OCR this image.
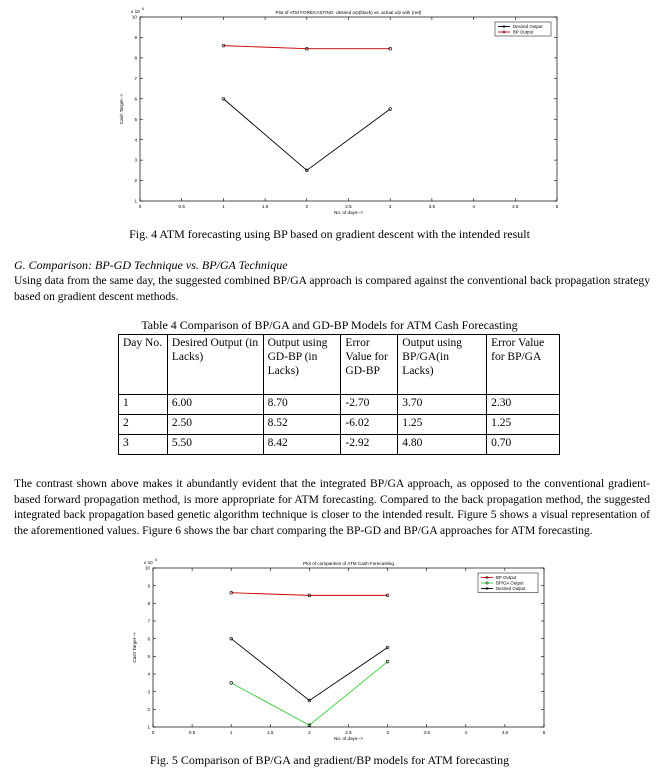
Plot of ATM FORECASTING- desired o/p(black) vs. actual o/p with (red)
0	0.5	1	1.5	2	2.5	3	3.5	4	4.5	5
1
2
3
4
5
6
7
8
9
10
x 10 6
No. of days-->
Cash Target-->
Desired Output
BP Output
Fig. 4 ATM forecasting using BP based on gradient descent with the intended result
G. Comparison: BP-GD Technique vs. BP/GA Technique
Using data from the same day, the suggested combined BP/GA approach is compared against the conventional back propagation strategy based on gradient descent methods.
Table 4 Comparison of BP/GA and GD-BP Models for ATM Cash Forecasting
Day No.	Desired Output (in Lacks)	Output using GD-BP (in Lacks)	Error Value for GD-BP	Output using BP/GA(in Lacks)	Error Value for BP/GA
1	6.00	8.70	-2.70	3.70	2.30
2	2.50	8.52	-6.02	1.25	1.25
3	5.50	8.42	-2.92	4.80	0.70
The contrast shown above makes it abundantly evident that the integrated BP/GA approach, as opposed to the conventional gradient-based forward propagation method, is more appropriate for ATM forecasting. Compared to the back propagation method, the suggested integrated back propagation based genetic algorithm technique is closer to the intended result. Figure 5 shows a visual representation of the aforementioned values. Figure 6 shows the bar chart comparing the BP-GD and BP/GA approaches for ATM forecasting.
Plot of comparison of ATM Cash Forecasting
0	0.5	1	1.5	2	2.5	3	3.5	4	4.5	5
1
2
3
4
5
6
7
8
9
10
x 10 6
No. of days-->
Cash Target-->
BP Output
BP/GA Output
Desired Output
Fig. 5 Comparison of BP/GA and gradient/BP models for ATM forecasting
